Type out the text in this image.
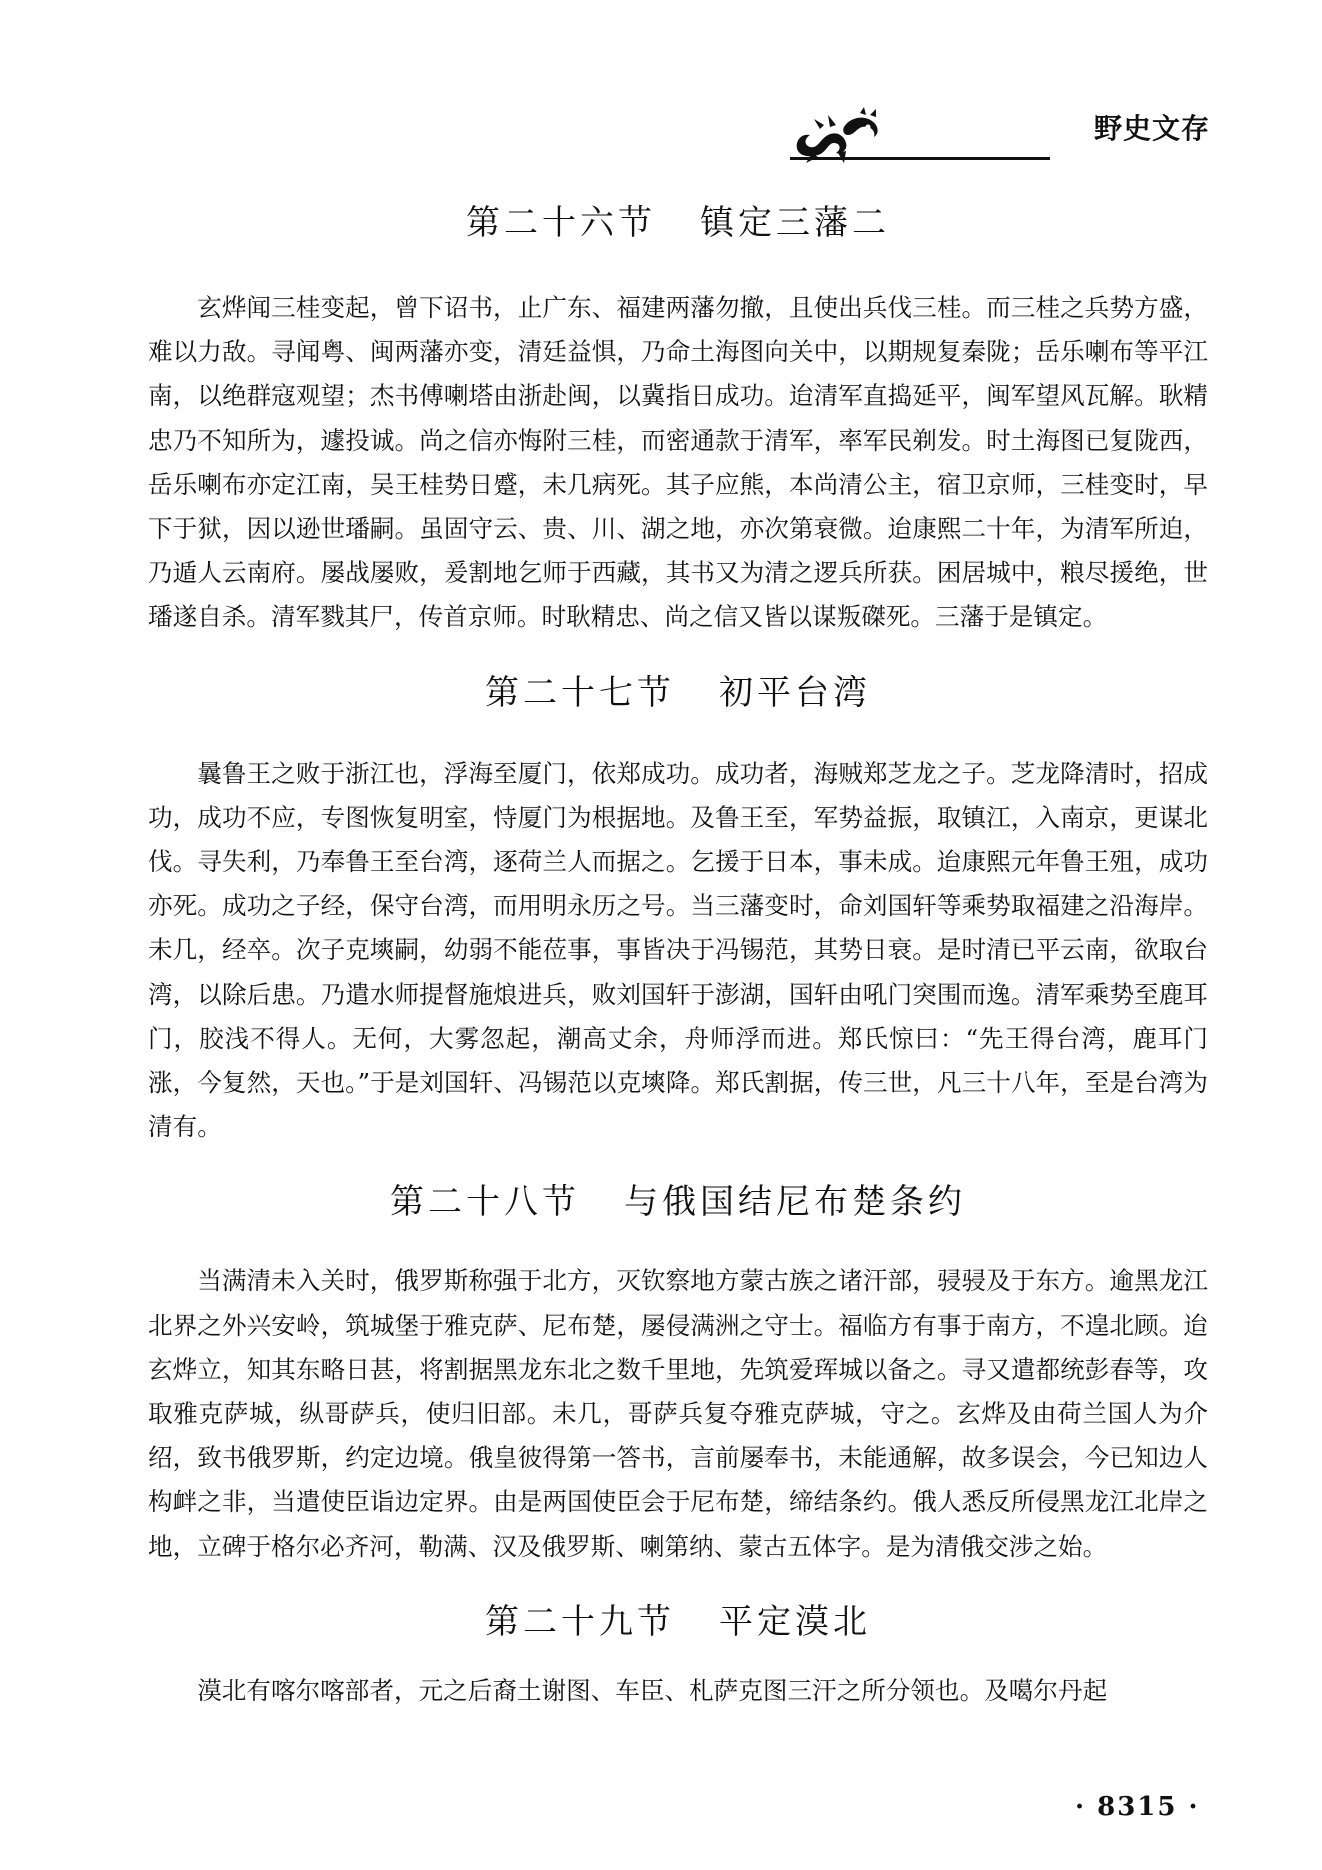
野史文存
第二十六节 镇定三藩二

玄烨闻三桂变起，曾下诏书，止广东、福建两藩勿撤，且使出兵伐三桂。而三桂之兵势方盛，难以力敌。寻闻粤、闽两藩亦变，清廷益惧，乃命土海图向关中，以期规复秦陇；岳乐喇布等平江南，以绝群寇观望；杰书傅喇塔由浙赴闽，以冀指日成功。迨清军直捣延平，闽军望风瓦解。耿精忠乃不知所为，遽投诚。尚之信亦悔附三桂，而密通款于清军，率军民剃发。时土海图已复陇西，岳乐喇布亦定江南，吴王桂势日蹙，未几病死。其子应熊，本尚清公主，宿卫京师，三桂变时，早下于狱，因以逊世璠嗣。虽固守云、贵、川、湖之地，亦次第衰微。迨康熙二十年，为清军所迫，乃遁人云南府。屡战屡败，爰割地乞师于西藏，其书又为清之逻兵所获。困居城中，粮尽援绝，世璠遂自杀。清军戮其尸，传首京师。时耿精忠、尚之信又皆以谋叛磔死。三藩于是镇定。

第二十七节 初平台湾

曩鲁王之败于浙江也，浮海至厦门，依郑成功。成功者，海贼郑芝龙之子。芝龙降清时，招成功，成功不应，专图恢复明室，恃厦门为根据地。及鲁王至，军势益振，取镇江，入南京，更谋北伐。寻失利，乃奉鲁王至台湾，逐荷兰人而据之。乞援于日本，事未成。迨康熙元年鲁王殂，成功亦死。成功之子经，保守台湾，而用明永历之号。当三藩变时，命刘国轩等乘势取福建之沿海岸。未几，经卒。次子克塽嗣，幼弱不能莅事，事皆决于冯锡范，其势日衰。是时清已平云南，欲取台湾，以除后患。乃遣水师提督施烺进兵，败刘国轩于澎湖，国轩由吼门突围而逸。清军乘势至鹿耳门，胶浅不得人。无何，大雾忽起，潮高丈余，舟师浮而进。郑氏惊曰：“先王得台湾，鹿耳门涨，今复然，天也。”于是刘国轩、冯锡范以克塽降。郑氏割据，传三世，凡三十八年，至是台湾为清有。

第二十八节 与俄国结尼布楚条约

当满清未入关时，俄罗斯称强于北方，灭钦察地方蒙古族之诸汗部，骎骎及于东方。逾黑龙江北界之外兴安岭，筑城堡于雅克萨、尼布楚，屡侵满洲之守士。福临方有事于南方，不遑北顾。迨玄烨立，知其东略日甚，将割据黑龙东北之数千里地，先筑爱珲城以备之。寻又遣都统彭春等，攻取雅克萨城，纵哥萨兵，使归旧部。未几，哥萨兵复夺雅克萨城，守之。玄烨及由荷兰国人为介绍，致书俄罗斯，约定边境。俄皇彼得第一答书，言前屡奉书，未能通解，故多误会，今已知边人构衅之非，当遣使臣诣边定界。由是两国使臣会于尼布楚，缔结条约。俄人悉反所侵黑龙江北岸之地，立碑于格尔必齐河，勒满、汉及俄罗斯、喇第纳、蒙古五体字。是为清俄交涉之始。

第二十九节 平定漠北

漠北有喀尔喀部者，元之后裔土谢图、车臣、札萨克图三汗之所分领也。及噶尔丹起

· 8315 ·
